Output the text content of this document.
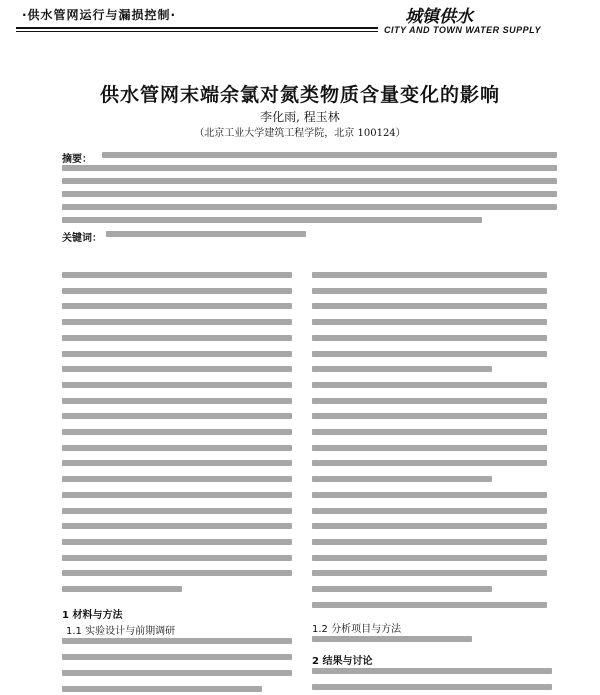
·供水管网运行与漏损控制·	城镇供水
CITY AND TOWN WATER SUPPLY
供水管网末端余氯对氮类物质含量变化的影响
李化雨, 程玉林
（北京工业大学建筑工程学院，北京 100124）
摘要：
关键词：
1 材料与方法
1.1 实验设计与前期调研	1.2 分析项目与方法
2 结果与讨论
